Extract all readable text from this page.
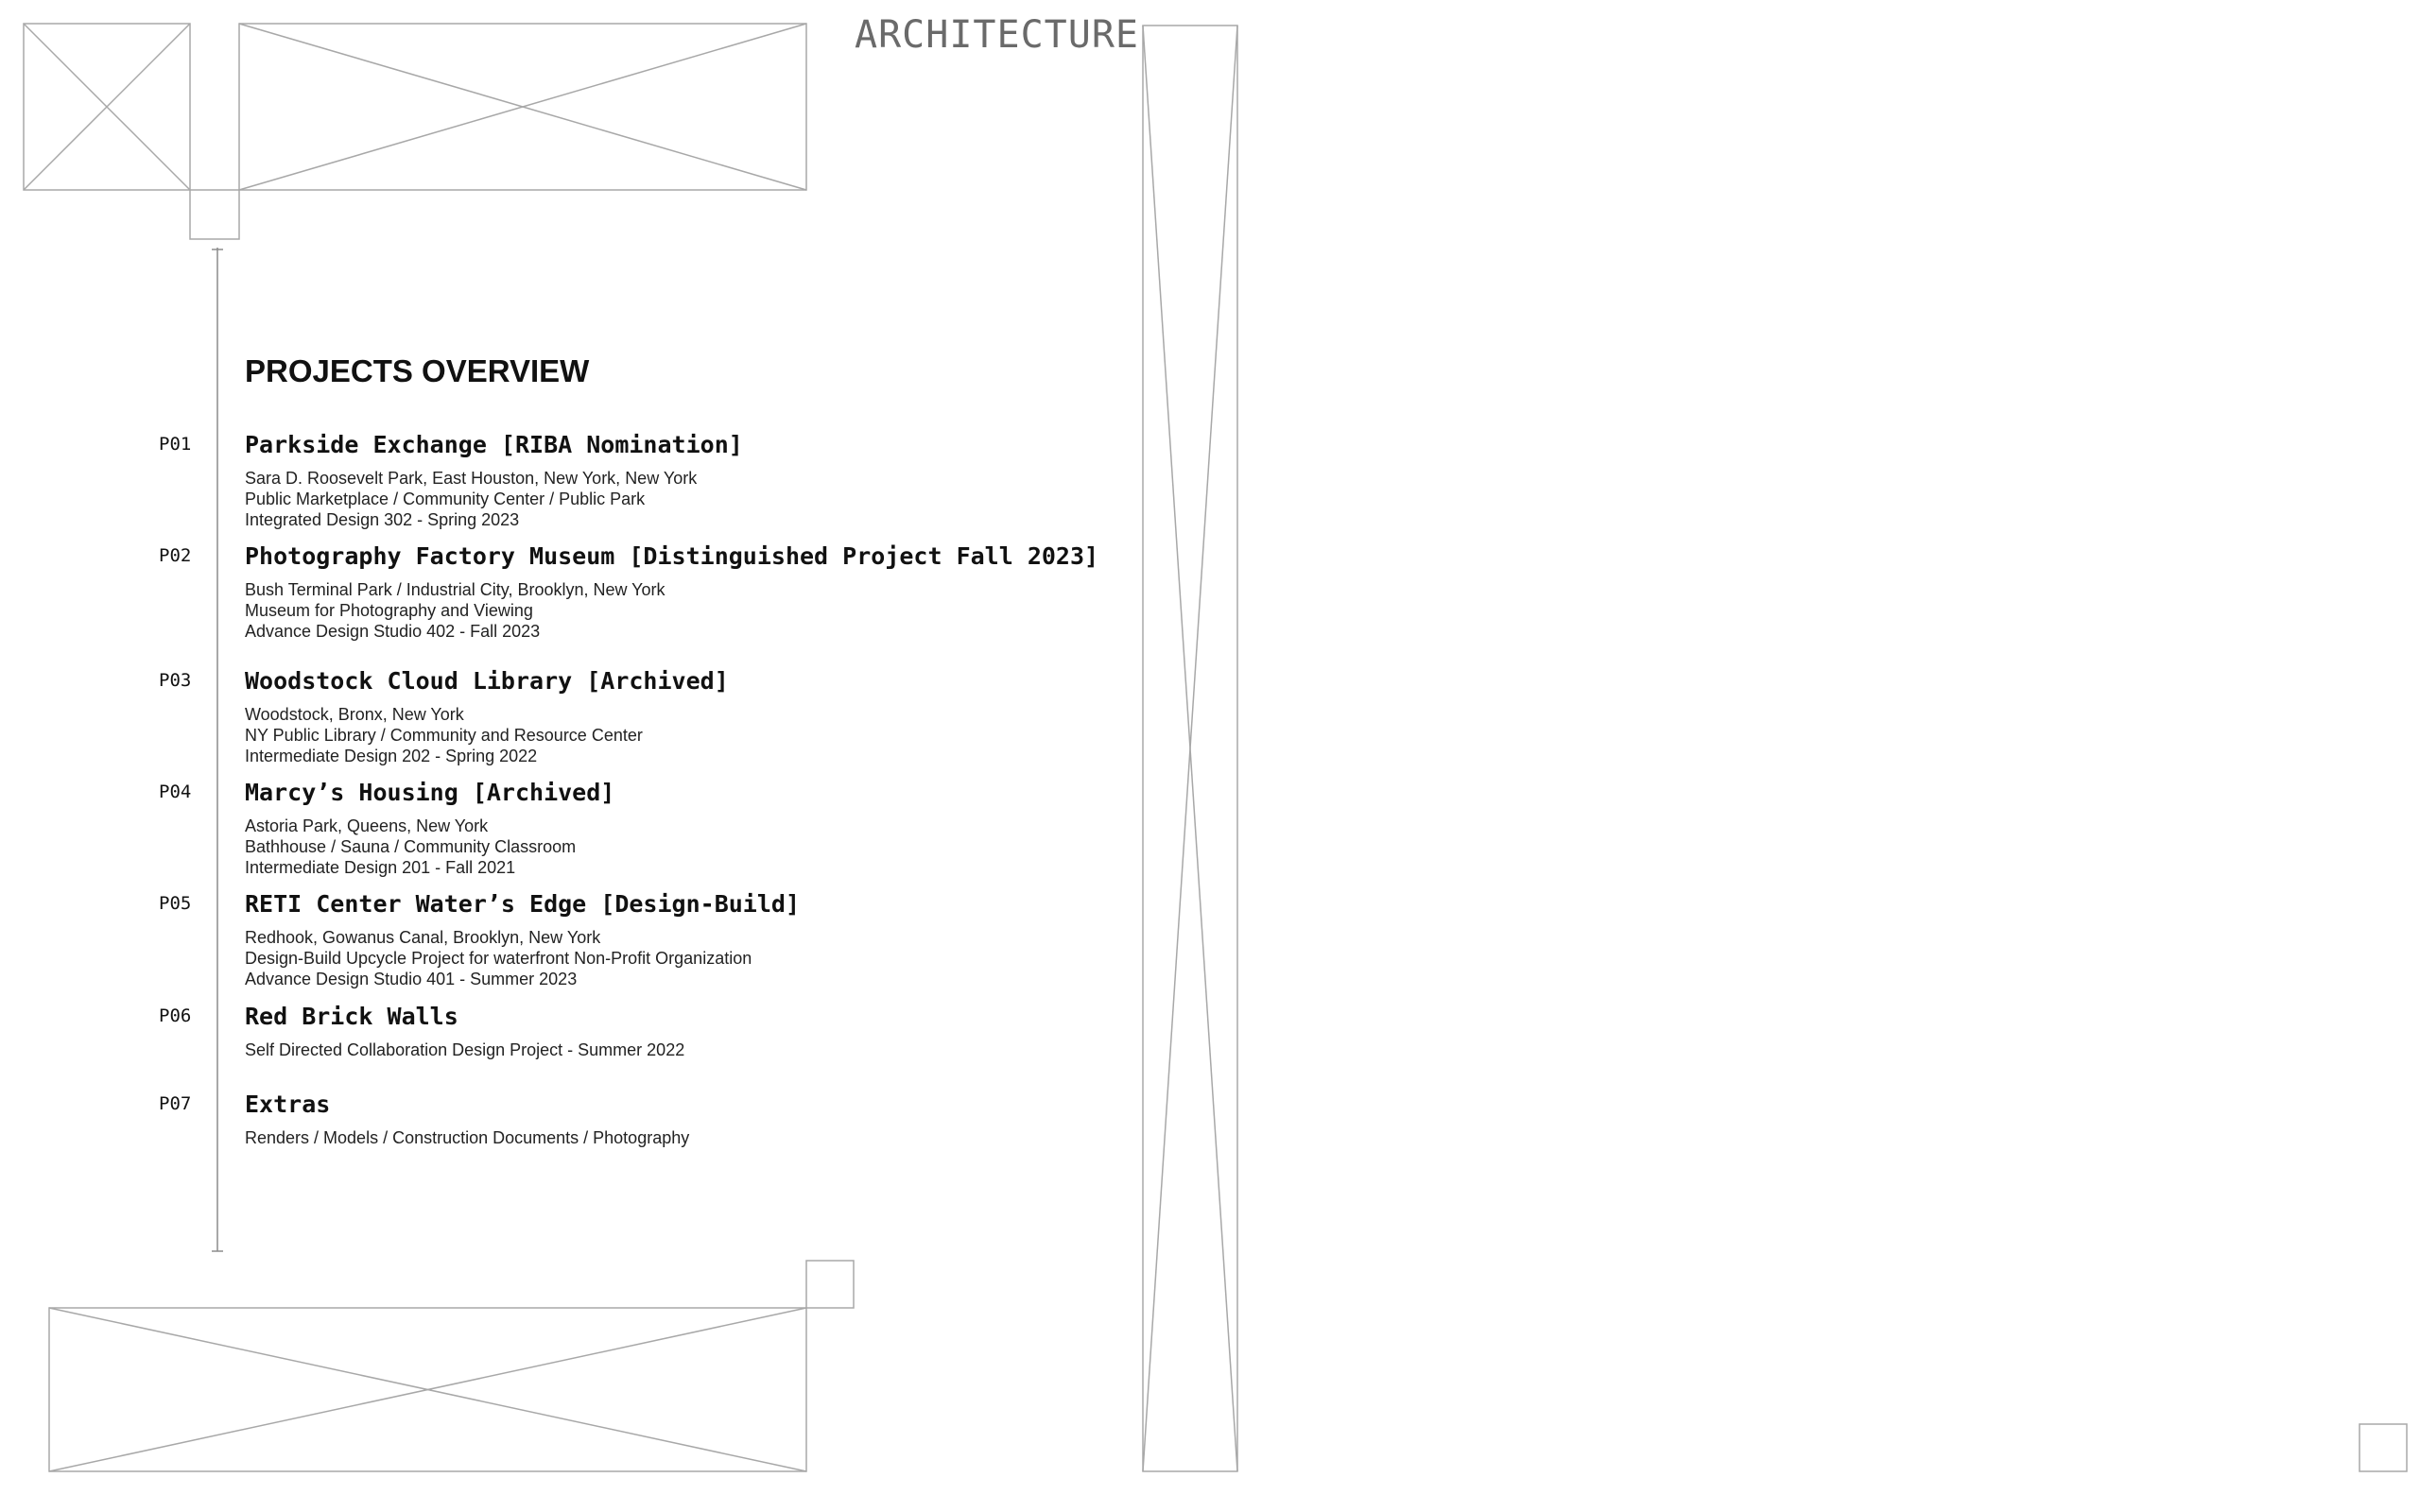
ARCHITECTURE
PROJECTS OVERVIEW
P01 Parkside Exchange [RIBA Nomination]
Sara D. Roosevelt Park, East Houston, New York, New York
Public Marketplace / Community Center / Public Park
Integrated Design 302 - Spring 2023
P02 Photography Factory Museum [Distinguished Project Fall 2023]
Bush Terminal Park / Industrial City, Brooklyn, New York
Museum for Photography and Viewing
Advance Design Studio 402 - Fall 2023
P03 Woodstock Cloud Library [Archived]
Woodstock, Bronx, New York
NY Public Library / Community and Resource Center
Intermediate Design 202 - Spring 2022
P04 Marcy’s Housing [Archived]
Astoria Park, Queens, New York
Bathhouse / Sauna / Community Classroom
Intermediate Design 201 - Fall 2021
P05 RETI Center Water’s Edge [Design-Build]
Redhook, Gowanus Canal, Brooklyn, New York
Design-Build Upcycle Project for waterfront Non-Profit Organization
Advance Design Studio 401 - Summer 2023
P06 Red Brick Walls
Self Directed Collaboration Design Project - Summer 2022
P07 Extras
Renders / Models / Construction Documents / Photography
